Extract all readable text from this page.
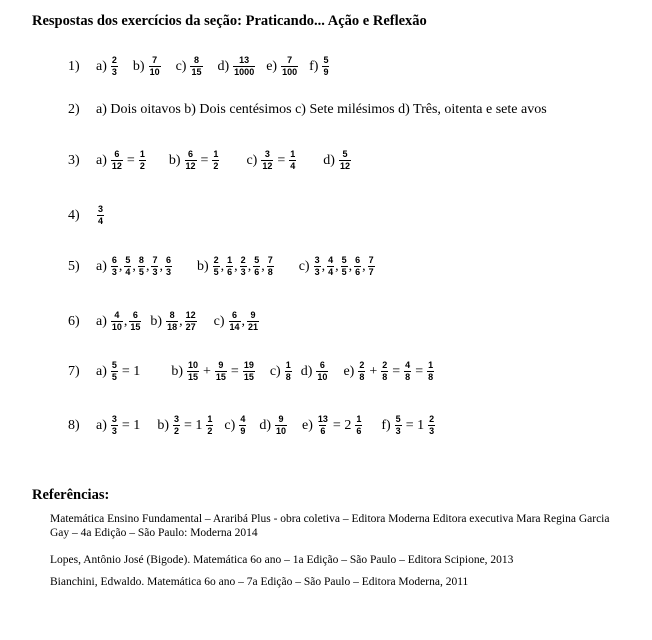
Respostas dos exercícios da seção: Praticando... Ação e Reflexão
1)	$a) \frac{2}{3} b) \frac{7}{10} c) \frac{8}{15} d) \frac{13}{1000} e) \frac{7}{100} f) \frac{5}{9}$
2)	a) Dois oitavos b) Dois centésimos c) Sete milésimos d) Três, oitenta e sete avos
3)	$a) \frac{6}{12} = \frac{1}{2} b) \frac{6}{12} = \frac{1}{2} c) \frac{3}{12} = \frac{1}{4} d) \frac{5}{12}$
4)	$\frac{3}{4}$
5)	$a) \frac{6}{3}$ , $\frac{5}{4}$ , $\frac{8}{5}$ , $\frac{7}{3}$ , $\frac{6}{3} b) \frac{2}{5}$ , $\frac{1}{6}$ , $\frac{2}{3}$ , $\frac{5}{6}$ , $\frac{7}{8} c) \frac{3}{3}$ , $\frac{4}{4}$ , $\frac{5}{5}$ , $\frac{6}{6}$ , $\frac{7}{7}$
6)	$a) \frac{4}{10}$ , $\frac{6}{15} b) \frac{8}{18}$ , $\frac{12}{27} c) \frac{6}{14}$ , $\frac{9}{21}$
7)	$a) \frac{5}{5} = 1$ $b) \frac{10}{15} + \frac{9}{15} = \frac{19}{15} c) \frac{1}{8} d) \frac{6}{10} e) \frac{2}{8} + \frac{2}{8} = \frac{4}{8} = \frac{1}{8}$
8)	$a) \frac{3}{3} = 1$ $b) \frac{3}{2} = 1 \frac{1}{2} c) \frac{4}{9} d) \frac{9}{10} e) \frac{13}{6} = 2 \frac{1}{6} f) \frac{5}{3} = 1 \frac{2}{3}$
Referências:
Matemática Ensino Fundamental – Araribá Plus - obra coletiva – Editora Moderna Editora executiva Mara Regina Garcia Gay – 4a Edição – São Paulo: Moderna 2014
Lopes, Antônio José (Bigode). Matemática 6o ano – 1a Edição – São Paulo – Editora Scipione, 2013
Bianchini, Edwaldo. Matemática 6o ano – 7a Edição – São Paulo – Editora Moderna, 2011
